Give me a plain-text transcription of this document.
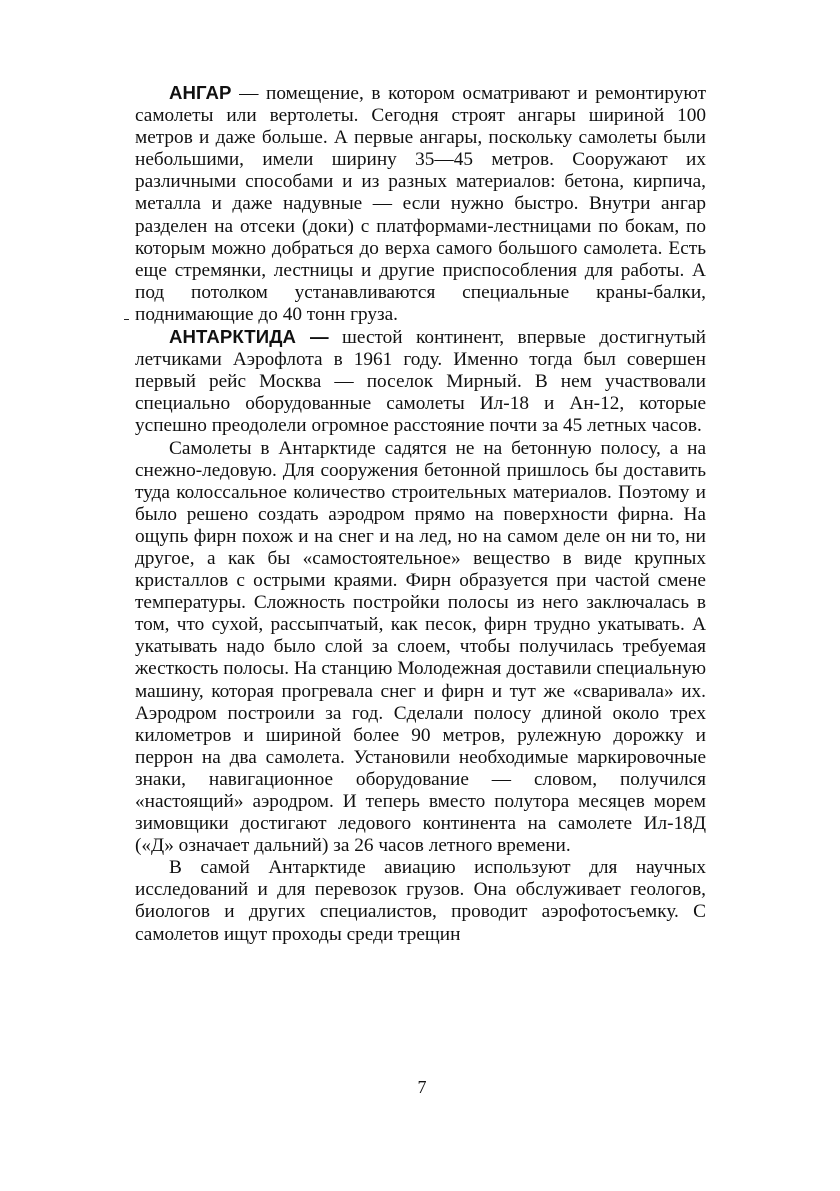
АНГАР — помещение, в котором осматривают и ремонтируют самолеты или вертолеты. Сегодня строят ангары шириной 100 метров и даже больше. А первые ангары, поскольку самолеты были небольшими, имели ширину 35—45 метров. Сооружают их различными способами и из разных материалов: бетона, кирпича, металла и даже надувные — если нужно быстро. Внутри ангар разделен на отсеки (доки) с платформами-лестницами по бокам, по которым можно добраться до верха самого большого самолета. Есть еще стремянки, лестницы и другие приспособления для работы. А под потолком устанавливаются специальные краны-балки, поднимающие до 40 тонн груза.

АНТАРКТИДА — шестой континент, впервые достигнутый летчиками Аэрофлота в 1961 году. Именно тогда был совершен первый рейс Москва — поселок Мирный. В нем участвовали специально оборудованные самолеты Ил-18 и Ан-12, которые успешно преодолели огромное расстояние почти за 45 летных часов.

Самолеты в Антарктиде садятся не на бетонную полосу, а на снежно-ледовую. Для сооружения бетонной пришлось бы доставить туда колоссальное количество строительных материалов. Поэтому и было решено создать аэродром прямо на поверхности фирна. На ощупь фирн похож и на снег и на лед, но на самом деле он ни то, ни другое, а как бы «самостоятельное» вещество в виде крупных кристаллов с острыми краями. Фирн образуется при частой смене температуры. Сложность постройки полосы из него заключалась в том, что сухой, рассыпчатый, как песок, фирн трудно укатывать. А укатывать надо было слой за слоем, чтобы получилась требуемая жесткость полосы. На станцию Молодежная доставили специальную машину, которая прогревала снег и фирн и тут же «сваривала» их. Аэродром построили за год. Сделали полосу длиной около трех километров и шириной более 90 метров, рулежную дорожку и перрон на два самолета. Установили необходимые маркировочные знаки, навигационное оборудование — словом, получился «настоящий» аэродром. И теперь вместо полутора месяцев морем зимовщики достигают ледового континента на самолете Ил-18Д («Д» означает дальний) за 26 часов летного времени.

В самой Антарктиде авиацию используют для научных исследований и для перевозок грузов. Она обслуживает геологов, биологов и других специалистов, проводит аэрофотосъемку. С самолетов ищут проходы среди трещин

7
